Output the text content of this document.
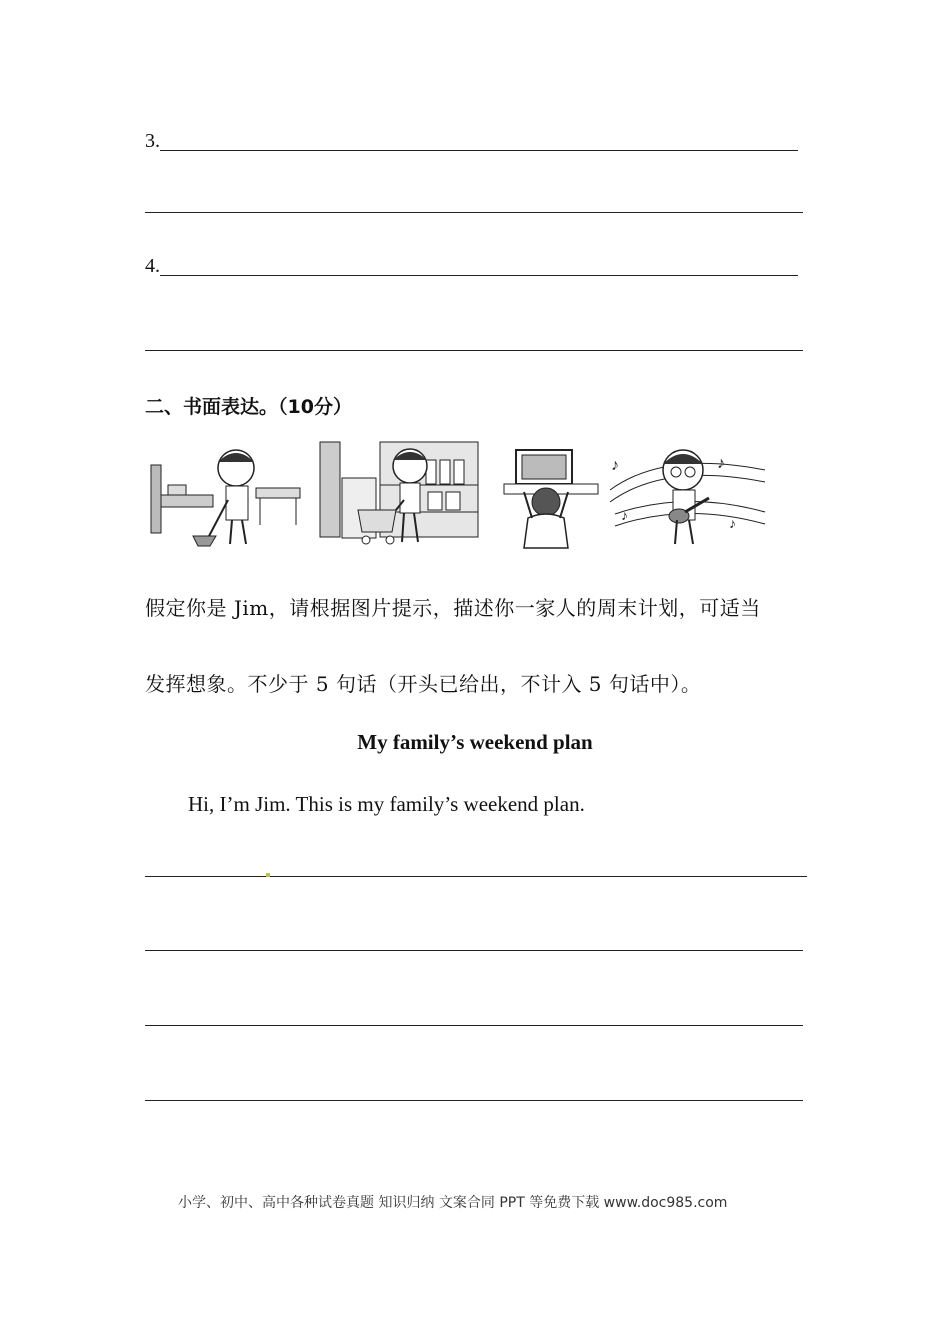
3.
4.
二、书面表达。（10分）
♪	♪
♪
♪
假定你是 Jim，请根据图片提示，描述你一家人的周末计划，可适当
发挥想象。不少于 5 句话（开头已给出，不计入 5 句话中）。
My family’s weekend plan
Hi, I’m Jim. This is my family’s weekend plan.
小学、初中、高中各种试卷真题 知识归纳 文案合同 PPT 等免费下载 www.doc985.com
